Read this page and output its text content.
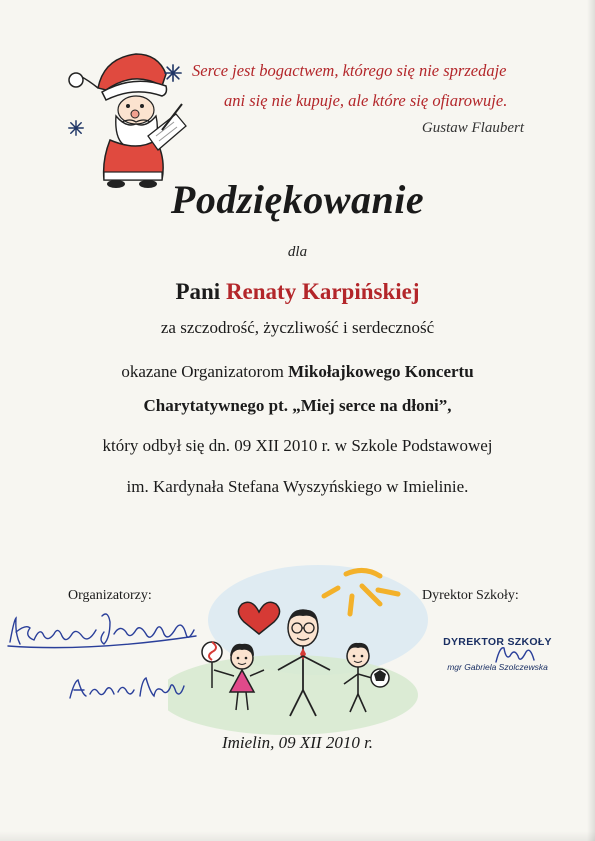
Serce jest bogactwem, którego się nie sprzedaje
ani się nie kupuje, ale które się ofiarowuje.
Gustaw Flaubert
Podziękowanie
dla
Pani Renaty Karpińskiej
za szczodrość, życzliwość i serdeczność
okazane Organizatorom Mikołajkowego Koncertu
Charytatywnego pt. „Miej serce na dłoni”,
który odbył się dn. 09 XII 2010 r. w Szkole Podstawowej
im. Kardynała Stefana Wyszyńskiego w Imielinie.
Organizatorzy:	Dyrektor Szkoły:
DYREKTOR SZKOŁY
mgr Gabriela Szolczewska
Imielin, 09 XII 2010 r.
